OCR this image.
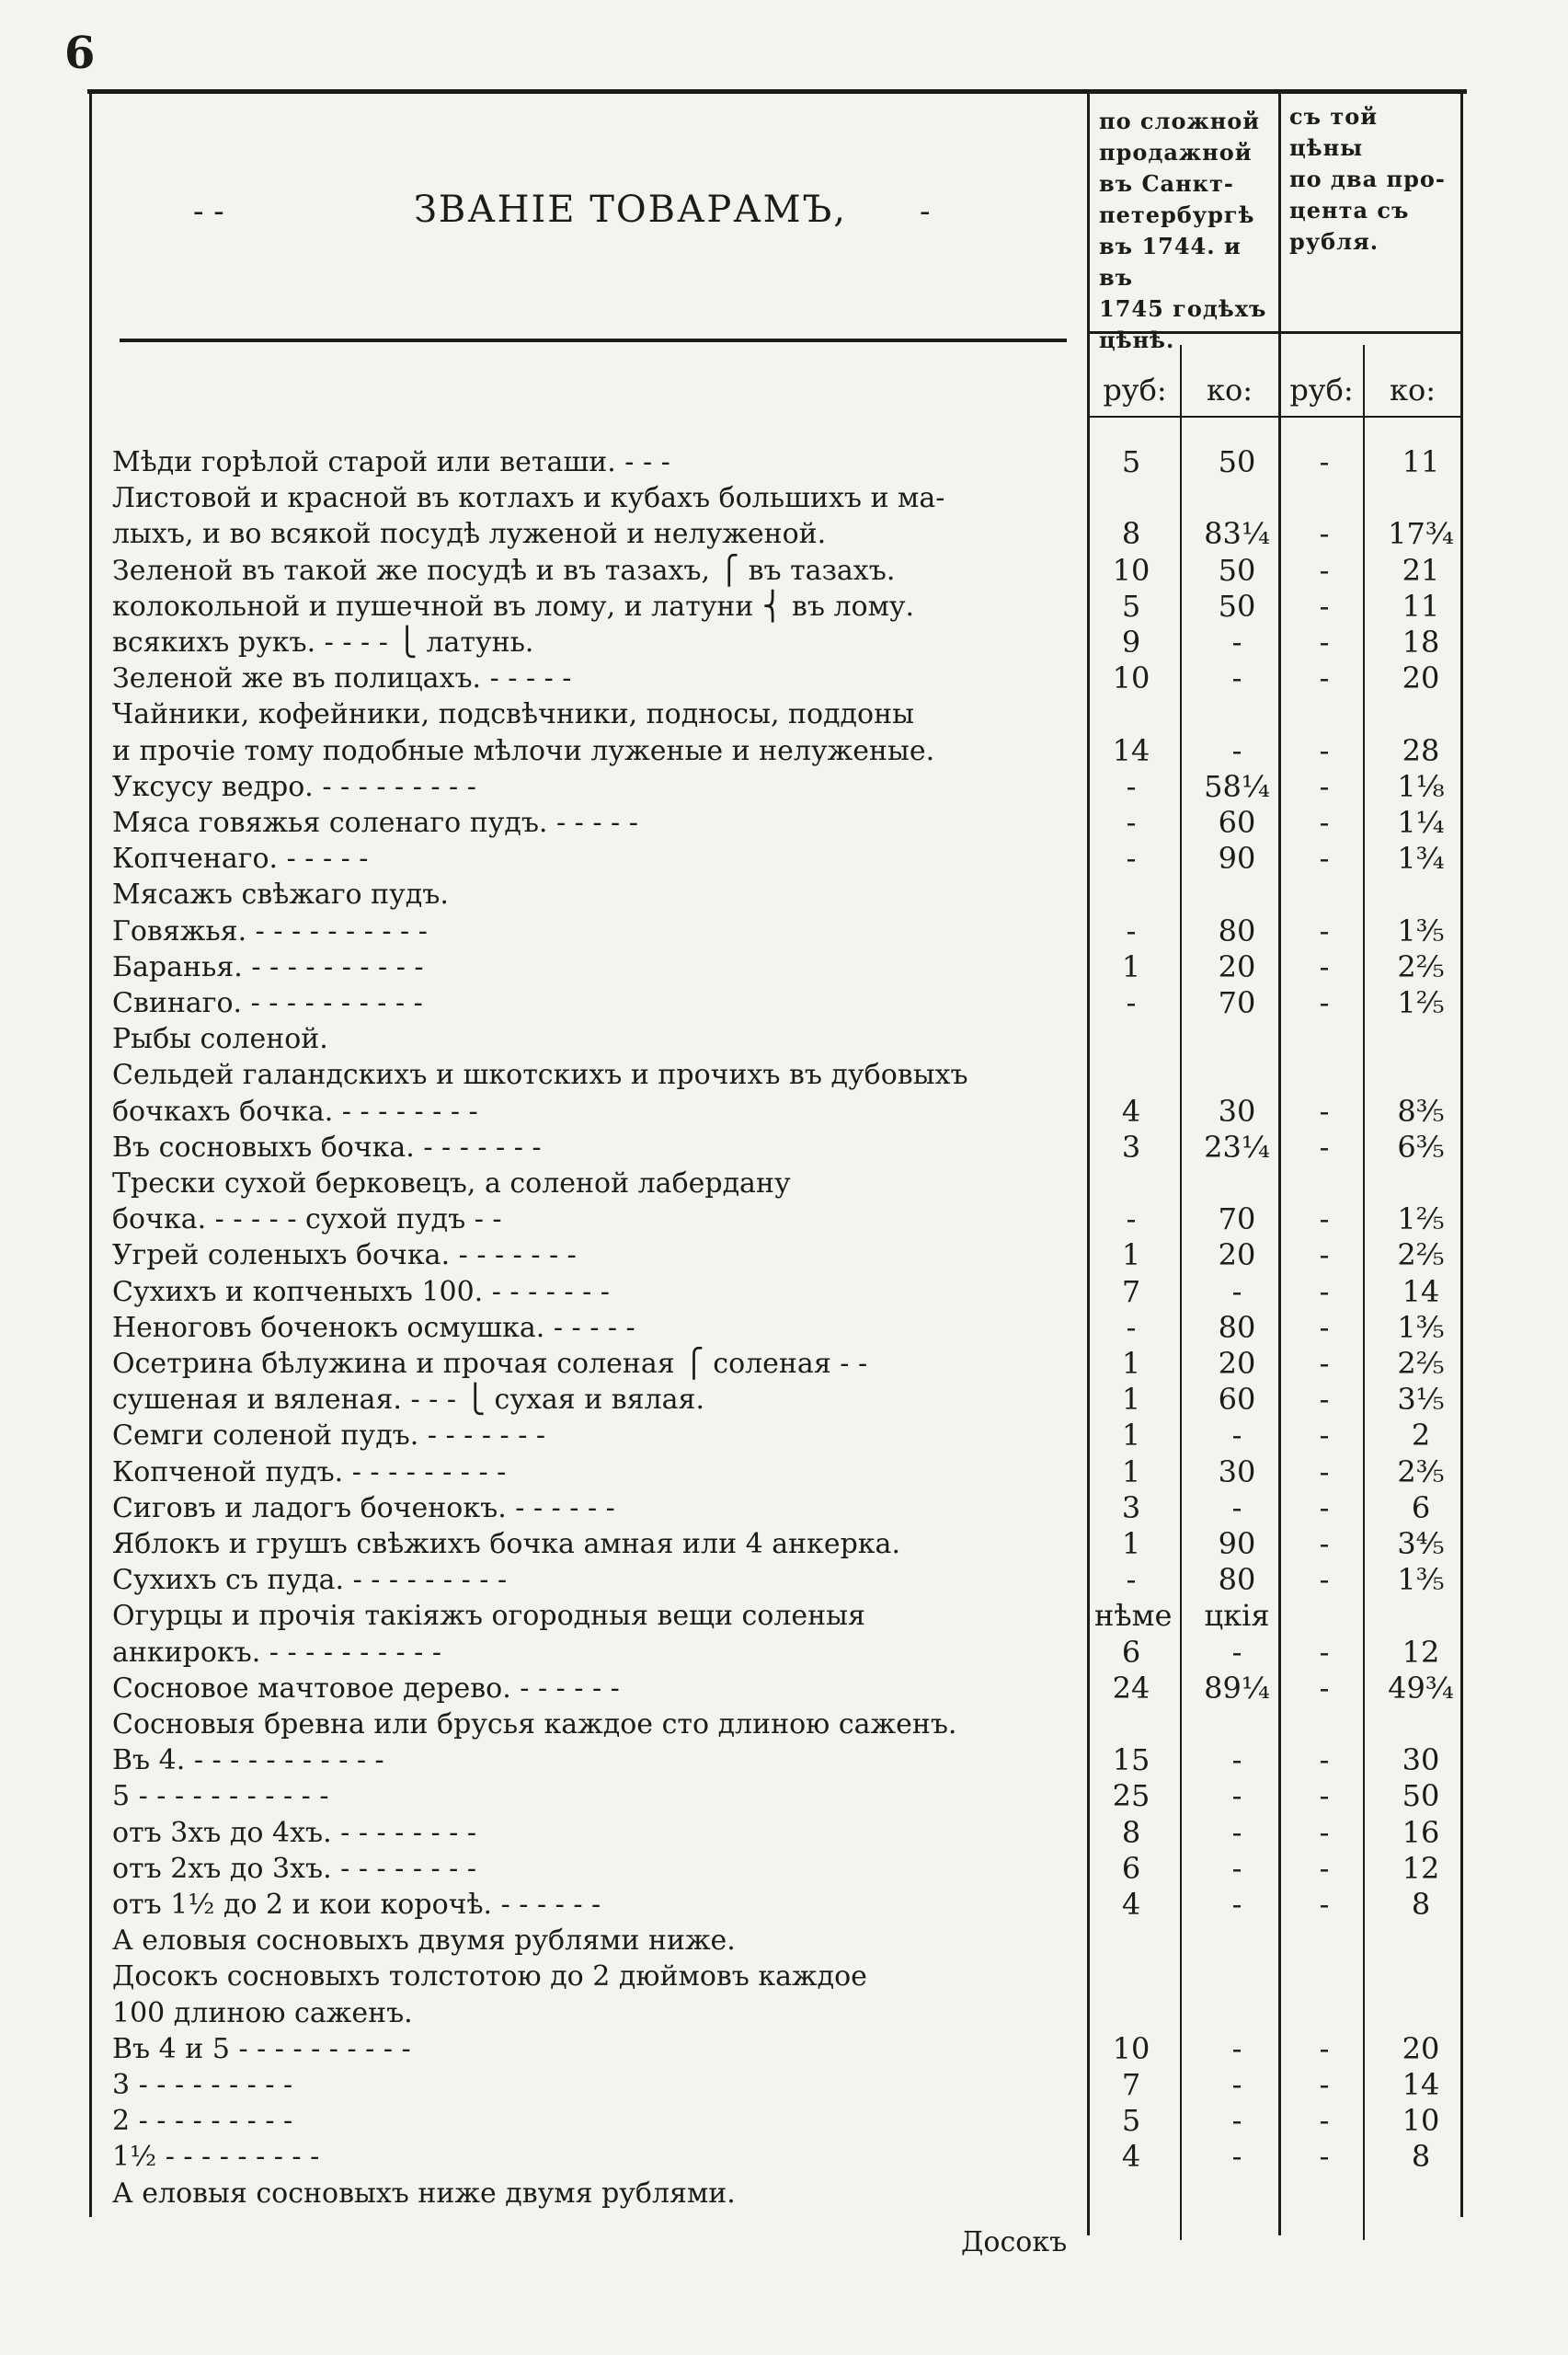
6
- -	ЗВАНІЕ ТОВАРАМЪ, -
по сложной
продажной
въ Санкт-
петербургѣ
въ 1744. и въ
1745 годѣхъ
цѣнѣ.
съ той цѣны
по два про-
цента съ
рубля.
руб:	ко:	руб:	ко:
Мѣди горѣлой старой или веташи. - - -	5	50	-	11
Листовой и красной въ котлахъ и кубахъ большихъ и ма-
лыхъ, и во всякой посудѣ луженой и нелуженой.	8	83¼	-	17¾
Зеленой въ такой же посудѣ и въ тазахъ, ⎧ въ тазахъ.	10	50	-	21
колокольной и пушечной въ лому, и латуни ⎨ въ лому.	5	50	-	11
всякихъ рукъ. - - - - ⎩ латунь.	9	-	-	18
Зеленой же въ полицахъ. - - - - -	10	-	-	20
Чайники, кофейники, подсвѣчники, подносы, поддоны
и прочiе тому подобные мѣлочи луженые и нелуженые.	14	-	-	28
Уксусу ведро. - - - - - - - - -	-	58¼	-	1⅛
Мяса говяжья соленаго пудъ. - - - - -	-	60	-	1¼
Копченаго. - - - - -	-	90	-	1¾
Мясажъ свѣжаго пудъ.
Говяжья. - - - - - - - - - -	-	80	-	1⅗
Баранья. - - - - - - - - - -	1	20	-	2⅖
Свинаго. - - - - - - - - - -	-	70	-	1⅖
Рыбы соленой.
Сельдей галандскихъ и шкотскихъ и прочихъ въ дубовыхъ
бочкахъ бочка. - - - - - - - -	4	30	-	8⅗
Въ сосновыхъ бочка. - - - - - - -	3	23¼	-	6⅗
Трески сухой берковецъ, а соленой лабердану
бочка. - - - - - сухой пудъ - -	-	70	-	1⅖
Угрей соленыхъ бочка. - - - - - - -	1	20	-	2⅖
Сухихъ и копченыхъ 100. - - - - - - -	7	-	-	14
Неноговъ боченокъ осмушка. - - - - -	-	80	-	1⅗
Осетрина бѣлужина и прочая соленая ⎧ соленая - -	1	20	-	2⅖
сушеная и вяленая. - - - ⎩ сухая и вялая.	1	60	-	3⅕
Семги соленой пудъ. - - - - - - -	1	-	-	2
Копченой пудъ. - - - - - - - - -	1	30	-	2⅗
Сиговъ и ладогъ боченокъ. - - - - - -	3	-	-	6
Яблокъ и грушъ свѣжихъ бочка амная или 4 анкерка.	1	90	-	3⅘
Сухихъ съ пуда. - - - - - - - - -	-	80	-	1⅗
Огурцы и прочiя такiяжъ огородныя вещи соленыя	нѣме	цкiя
анкирокъ. - - - - - - - - - -	6	-	-	12
Сосновое мачтовое дерево. - - - - - -	24	89¼	-	49¾
Сосновыя бревна или брусья каждое сто длиною саженъ.
Въ 4. - - - - - - - - - - -	15	-	-	30
5 - - - - - - - - - - -	25	-	-	50
отъ 3хъ до 4хъ. - - - - - - - -	8	-	-	16
отъ 2хъ до 3хъ. - - - - - - - -	6	-	-	12
отъ 1½ до 2 и кои корочѣ. - - - - - -	4	-	-	8
А еловыя сосновыхъ двумя рублями ниже.
Досокъ сосновыхъ толстотою до 2 дюймовъ каждое
100 длиною саженъ.
Въ 4 и 5 - - - - - - - - - -	10	-	-	20
3 - - - - - - - - -	7	-	-	14
2 - - - - - - - - -	5	-	-	10
1½ - - - - - - - - -	4	-	-	8
А еловыя сосновыхъ ниже двумя рублями.
Досокъ
